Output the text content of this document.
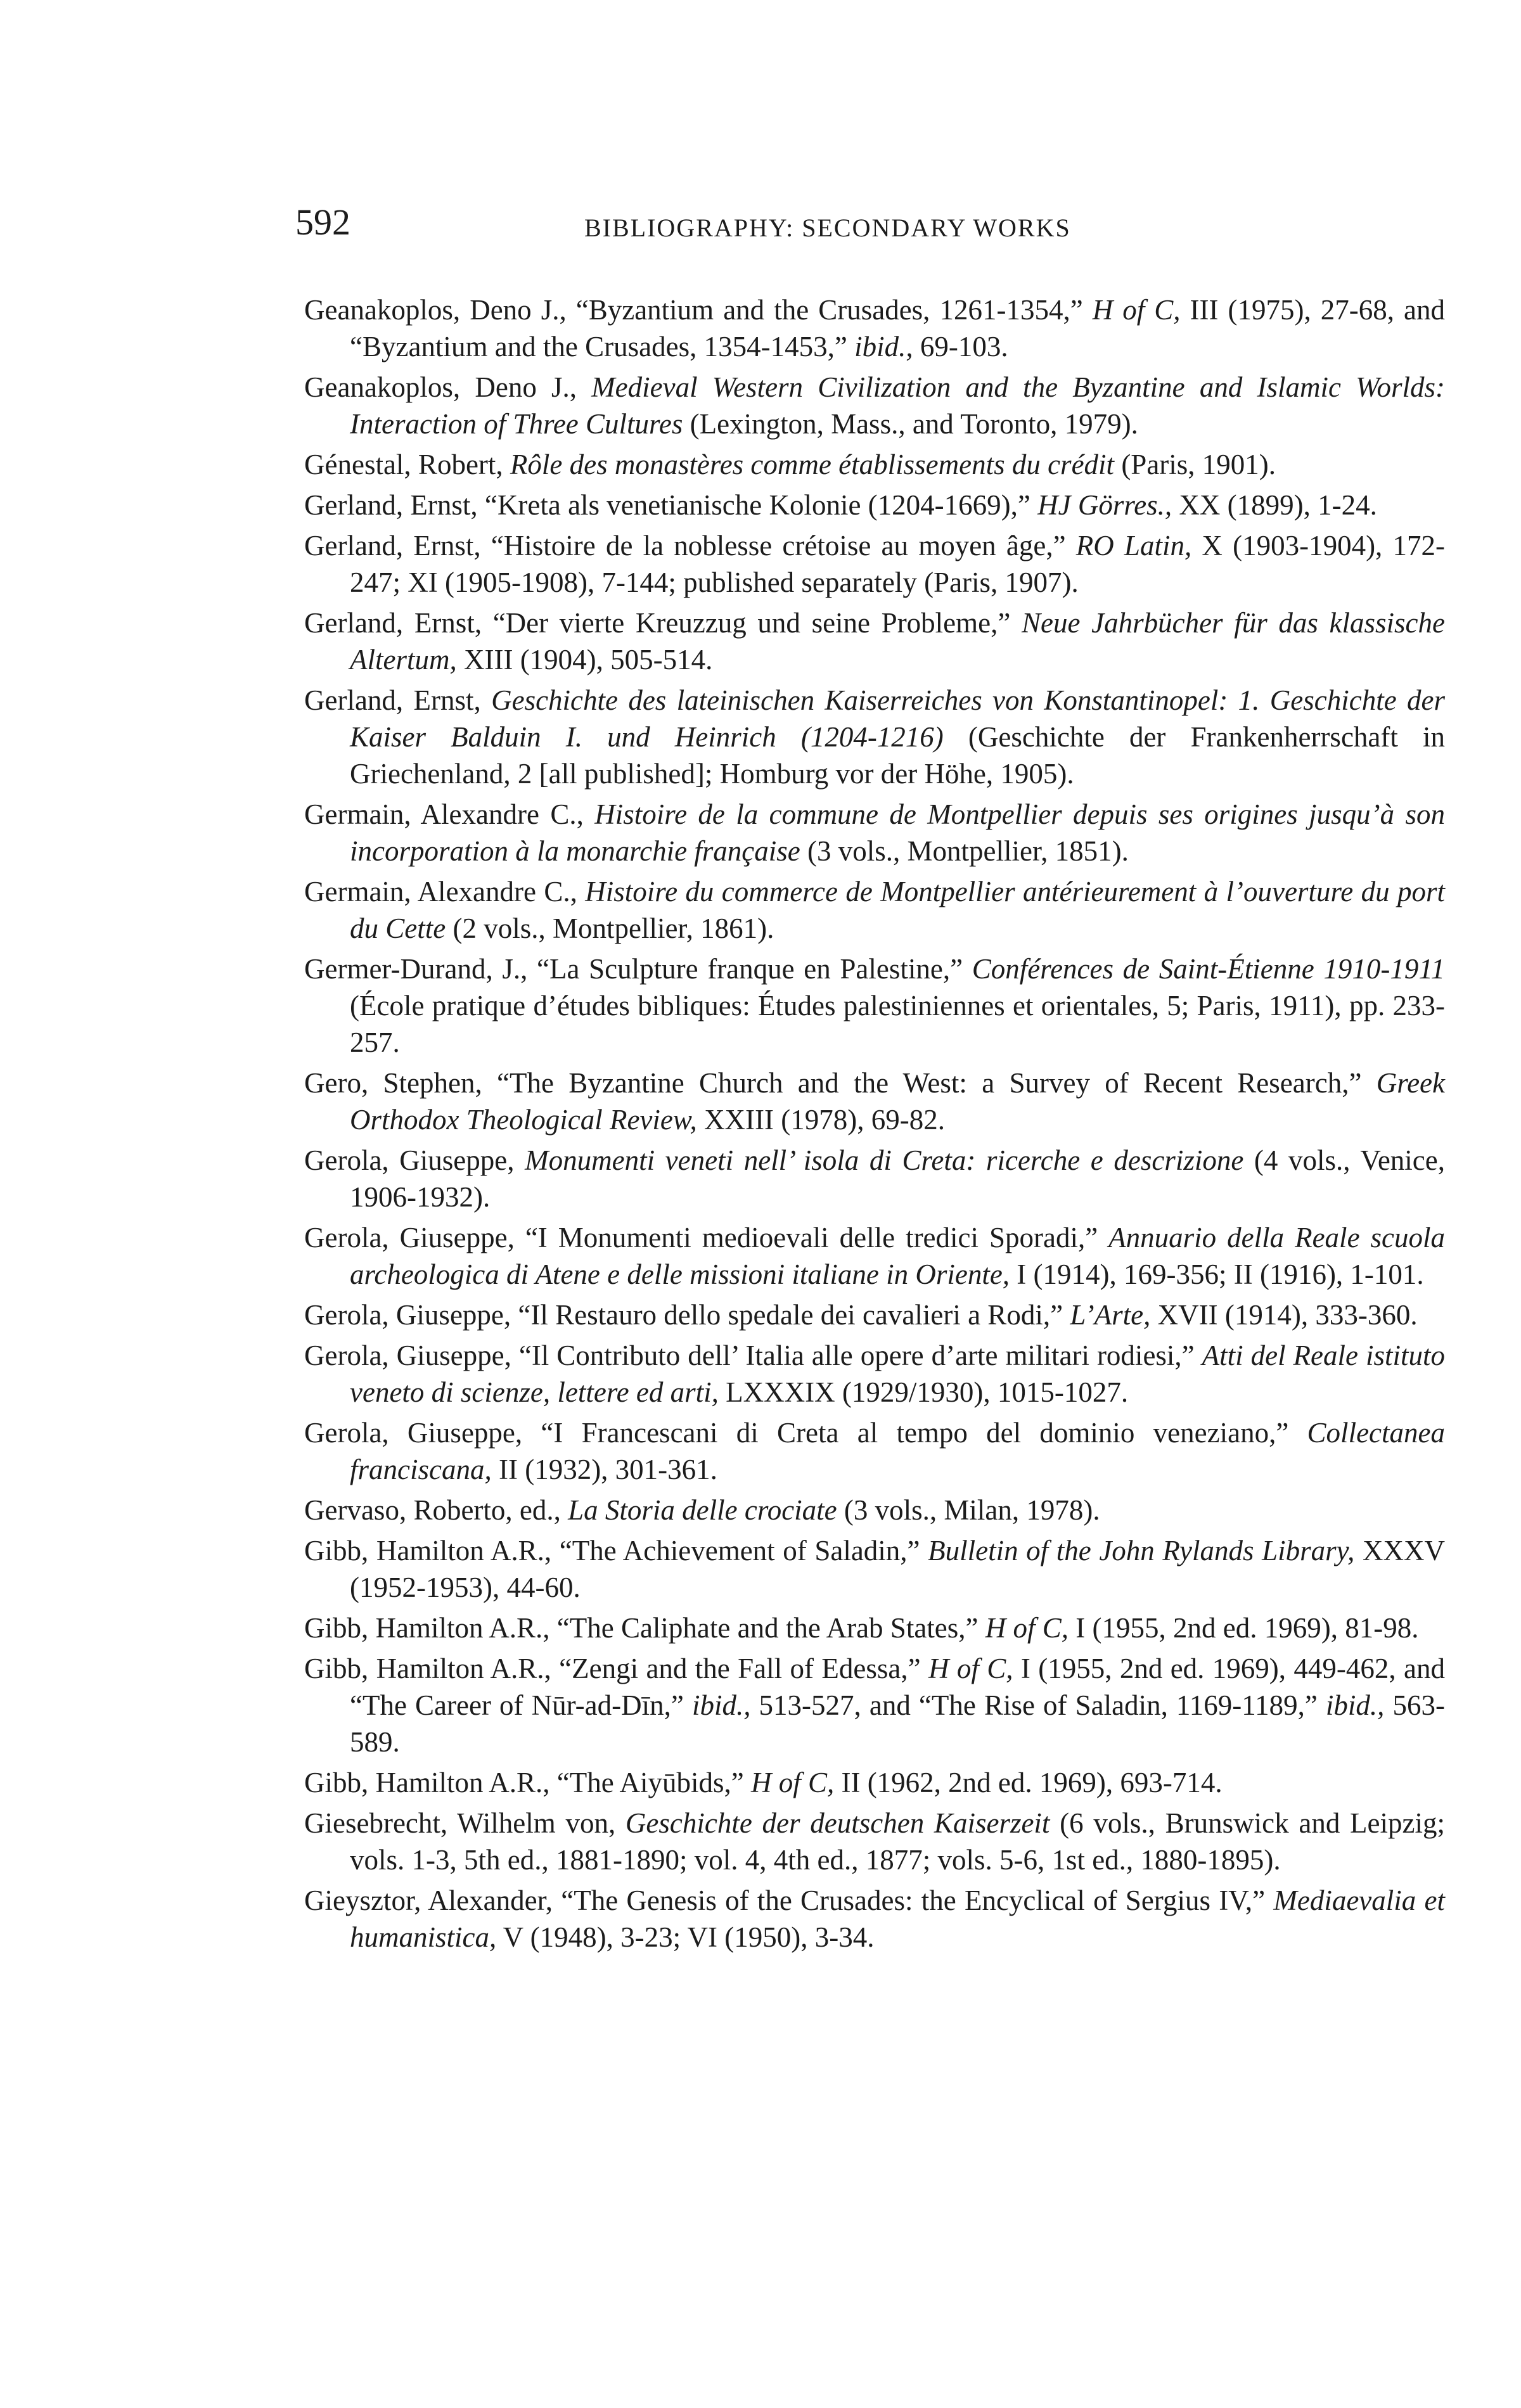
592	BIBLIOGRAPHY: SECONDARY WORKS

Geanakoplos, Deno J., “Byzantium and the Crusades, 1261-1354,” H of C, III (1975), 27-68, and “Byzantium and the Crusades, 1354-1453,” ibid., 69-103.

Geanakoplos, Deno J., Medieval Western Civilization and the Byzantine and Islamic Worlds: Interaction of Three Cultures (Lexington, Mass., and Toronto, 1979).

Génestal, Robert, Rôle des monastères comme établissements du crédit (Paris, 1901).

Gerland, Ernst, “Kreta als venetianische Kolonie (1204-1669),” HJ Görres., XX (1899), 1-24.

Gerland, Ernst, “Histoire de la noblesse crétoise au moyen âge,” RO Latin, X (1903-1904), 172-247; XI (1905-1908), 7-144; published separately (Paris, 1907).

Gerland, Ernst, “Der vierte Kreuzzug und seine Probleme,” Neue Jahrbücher für das klassische Altertum, XIII (1904), 505-514.

Gerland, Ernst, Geschichte des lateinischen Kaiserreiches von Konstantinopel: 1. Geschichte der Kaiser Balduin I. und Heinrich (1204-1216) (Geschichte der Frankenherrschaft in Griechenland, 2 [all published]; Homburg vor der Höhe, 1905).

Germain, Alexandre C., Histoire de la commune de Montpellier depuis ses origines jusqu’à son incorporation à la monarchie française (3 vols., Montpellier, 1851).

Germain, Alexandre C., Histoire du commerce de Montpellier antérieurement à l’ouverture du port du Cette (2 vols., Montpellier, 1861).

Germer-Durand, J., “La Sculpture franque en Palestine,” Conférences de Saint-Étienne 1910-1911 (École pratique d’études bibliques: Études palestiniennes et orientales, 5; Paris, 1911), pp. 233-257.

Gero, Stephen, “The Byzantine Church and the West: a Survey of Recent Research,” Greek Orthodox Theological Review, XXIII (1978), 69-82.

Gerola, Giuseppe, Monumenti veneti nell’ isola di Creta: ricerche e descrizione (4 vols., Venice, 1906-1932).

Gerola, Giuseppe, “I Monumenti medioevali delle tredici Sporadi,” Annuario della Reale scuola archeologica di Atene e delle missioni italiane in Oriente, I (1914), 169-356; II (1916), 1-101.

Gerola, Giuseppe, “Il Restauro dello spedale dei cavalieri a Rodi,” L’Arte, XVII (1914), 333-360.

Gerola, Giuseppe, “Il Contributo dell’ Italia alle opere d’arte militari rodiesi,” Atti del Reale istituto veneto di scienze, lettere ed arti, LXXXIX (1929/1930), 1015-1027.

Gerola, Giuseppe, “I Francescani di Creta al tempo del dominio veneziano,” Collectanea franciscana, II (1932), 301-361.

Gervaso, Roberto, ed., La Storia delle crociate (3 vols., Milan, 1978).

Gibb, Hamilton A.R., “The Achievement of Saladin,” Bulletin of the John Rylands Library, XXXV (1952-1953), 44-60.

Gibb, Hamilton A.R., “The Caliphate and the Arab States,” H of C, I (1955, 2nd ed. 1969), 81-98.

Gibb, Hamilton A.R., “Zengi and the Fall of Edessa,” H of C, I (1955, 2nd ed. 1969), 449-462, and “The Career of Nūr-ad-Dīn,” ibid., 513-527, and “The Rise of Saladin, 1169-1189,” ibid., 563-589.

Gibb, Hamilton A.R., “The Aiyūbids,” H of C, II (1962, 2nd ed. 1969), 693-714.

Giesebrecht, Wilhelm von, Geschichte der deutschen Kaiserzeit (6 vols., Brunswick and Leipzig; vols. 1-3, 5th ed., 1881-1890; vol. 4, 4th ed., 1877; vols. 5-6, 1st ed., 1880-1895).

Gieysztor, Alexander, “The Genesis of the Crusades: the Encyclical of Sergius IV,” Mediaevalia et humanistica, V (1948), 3-23; VI (1950), 3-34.
